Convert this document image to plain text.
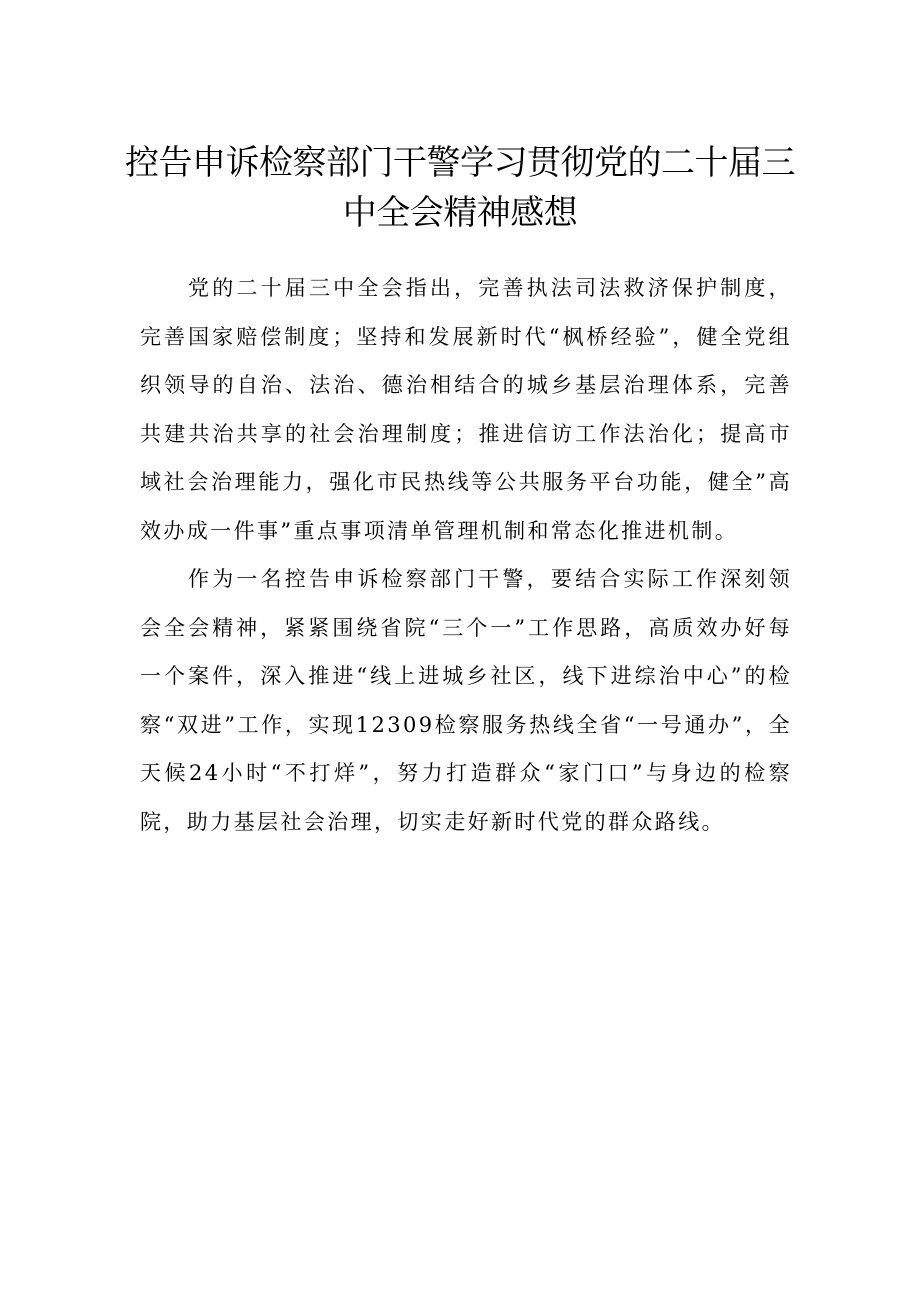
控告申诉检察部门干警学习贯彻党的二十届三中全会精神感想

党的二十届三中全会指出，完善执法司法救济保护制度，完善国家赔偿制度；坚持和发展新时代“枫桥经验”，健全党组织领导的自治、法治、德治相结合的城乡基层治理体系，完善共建共治共享的社会治理制度；推进信访工作法治化；提高市域社会治理能力，强化市民热线等公共服务平台功能，健全”高效办成一件事”重点事项清单管理机制和常态化推进机制。

作为一名控告申诉检察部门干警，要结合实际工作深刻领会全会精神，紧紧围绕省院“三个一”工作思路，高质效办好每一个案件，深入推进“线上进城乡社区，线下进综治中心”的检察“双进”工作，实现12309检察服务热线全省“一号通办”，全天候24小时“不打烊”，努力打造群众“家门口”与身边的检察院，助力基层社会治理，切实走好新时代党的群众路线。
